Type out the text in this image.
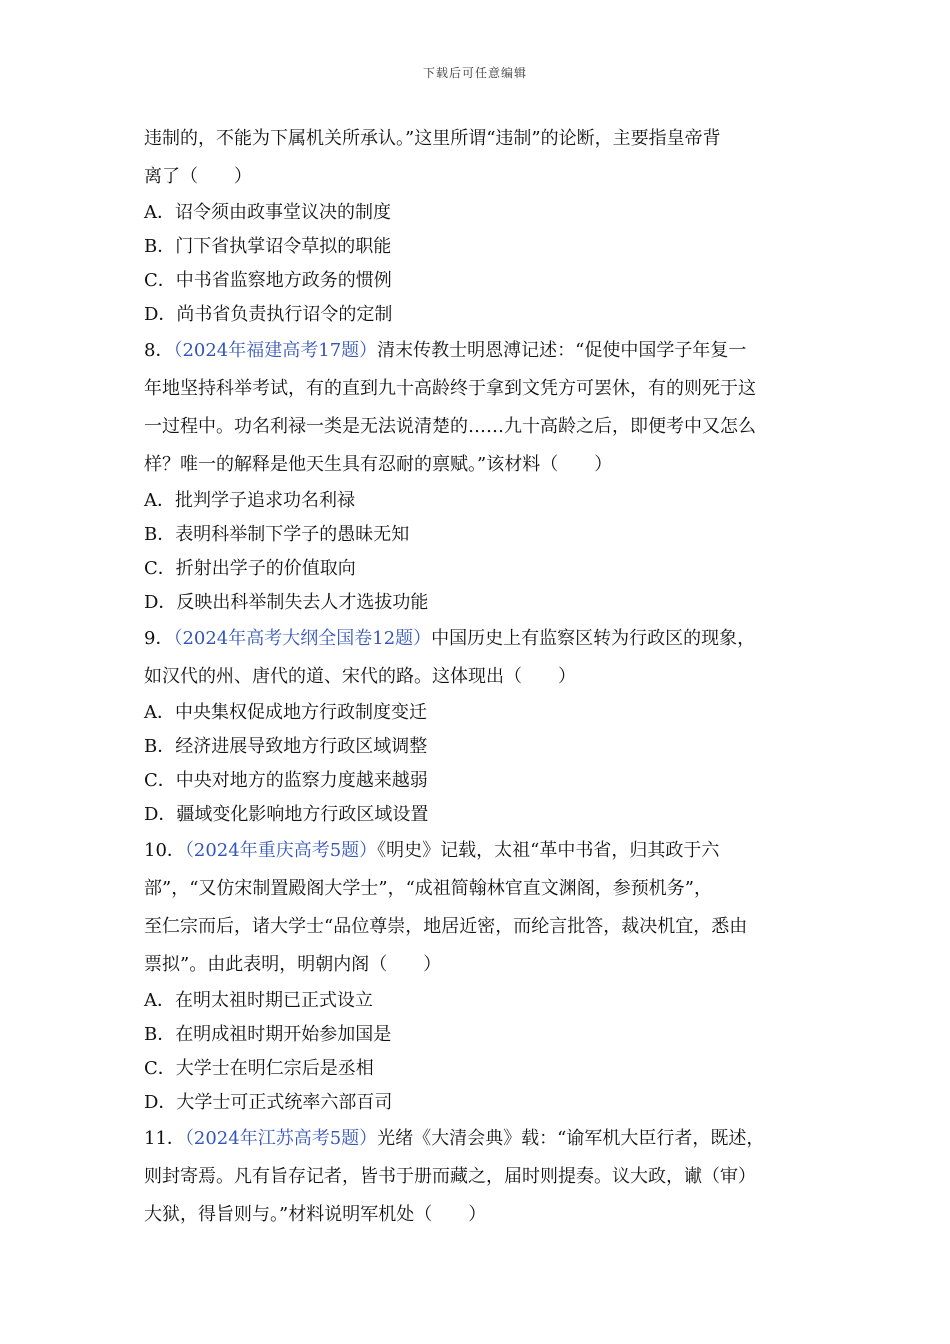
下载后可任意编辑
违制的，不能为下属机关所承认。”这里所谓“违制”的论断，主要指皇帝背
离了（　　）
A．诏令须由政事堂议决的制度
B．门下省执掌诏令草拟的职能
C．中书省监察地方政务的惯例
D．尚书省负责执行诏令的定制
8．（2024年福建高考17题）清末传教士明恩溥记述：“促使中国学子年复一
年地坚持科举考试，有的直到九十高龄终于拿到文凭方可罢休，有的则死于这
一过程中。功名利禄一类是无法说清楚的……九十高龄之后，即便考中又怎么
样？唯一的解释是他天生具有忍耐的禀赋。”该材料（　　）
A．批判学子追求功名利禄
B．表明科举制下学子的愚昧无知
C．折射出学子的价值取向
D．反映出科举制失去人才选拔功能
9．（2024年高考大纲全国卷12题）中国历史上有监察区转为行政区的现象，
如汉代的州、唐代的道、宋代的路。这体现出（　　）
A．中央集权促成地方行政制度变迁
B．经济进展导致地方行政区域调整
C．中央对地方的监察力度越来越弱
D．疆域变化影响地方行政区域设置
10．（2024年重庆高考5题）《明史》记载，太祖“革中书省，归其政于六
部”，“又仿宋制置殿阁大学士”，“成祖简翰林官直文渊阁，参预机务”，
至仁宗而后，诸大学士“品位尊崇，地居近密，而纶言批答，裁决机宜，悉由
票拟”。由此表明，明朝内阁（　　）
A．在明太祖时期已正式设立
B．在明成祖时期开始参加国是
C．大学士在明仁宗后是丞相
D．大学士可正式统率六部百司
11．（2024年江苏高考5题）光绪《大清会典》载：“谕军机大臣行者，既述，
则封寄焉。凡有旨存记者，皆书于册而藏之，届时则提奏。议大政，谳（审）
大狱，得旨则与。”材料说明军机处（　　）
